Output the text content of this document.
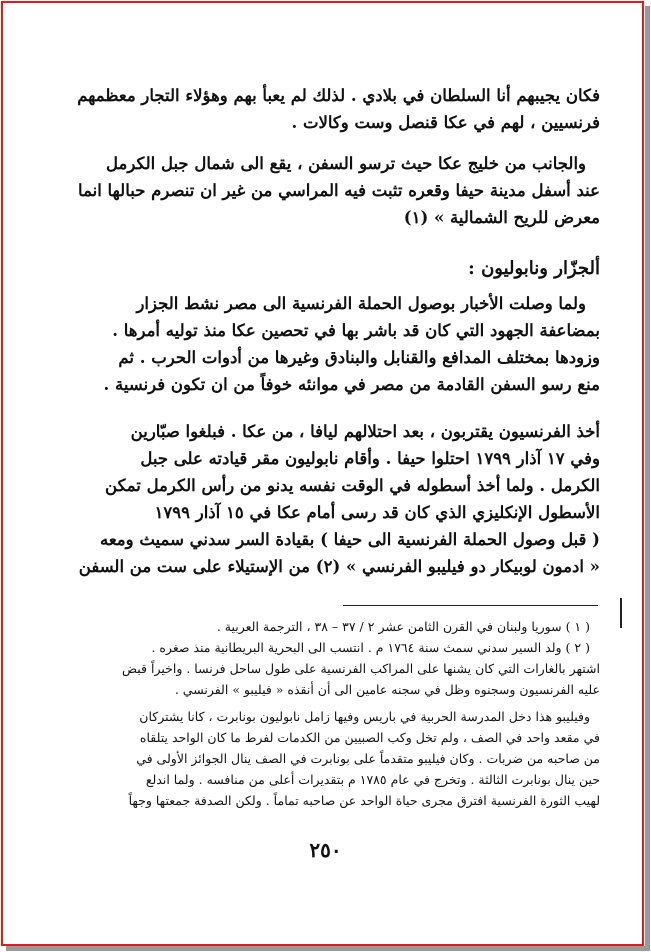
فكان يجيبهم أنا السلطان في بلادي . لذلك لم يعبأ بهم وهؤلاء التجار معظمهم
فرنسيين ، لهم في عكا قنصل وست وكالات .
والجانب من خليج عكا حيث ترسو السفن ، يقع الى شمال جبل الكرمل
عند أسفل مدينة حيفا وقعره تثبت فيه المراسي من غير ان تنصرم حبالها انما
معرض للريح الشمالية » (١)
ألجزّار ونابوليون :
ولما وصلت الأخبار بوصول الحملة الفرنسية الى مصر نشط الجزار
بمضاعفة الجهود التي كان قد باشر بها في تحصين عكا منذ توليه أمرها .
وزودها بمختلف المدافع والقنابل والبنادق وغيرها من أدوات الحرب . ثم
منع رسو السفن القادمة من مصر في موانئه خوفاً من ان تكون فرنسية .
أخذ الفرنسيون يقتربون ، بعد احتلالهم ليافا ، من عكا . فبلغوا صبّارين
وفي ١٧ آذار ١٧٩٩ احتلوا حيفا . وأقام نابوليون مقر قيادته على جبل
الكرمل . ولما أخذ أسطوله في الوقت نفسه يدنو من رأس الكرمل تمكن
الأسطول الإنكليزي الذي كان قد رسى أمام عكا في ١٥ آذار ١٧٩٩
( قبل وصول الحملة الفرنسية الى حيفا ) بقيادة السر سدني سميث ومعه
« ادمون لوبيكار دو فيليبو الفرنسي » (٢) من الإستيلاء على ست من السفن
( ١ ) سوريا ولبنان في القرن الثامن عشر ٢ / ٣٧ – ٣٨ ، الترجمة العربية .
( ٢ ) ولد السير سدني سمث سنة ١٧٦٤ م . انتسب الى البحرية البريطانية منذ صغره .
اشتهر بالغارات التي كان يشنها على المراكب الفرنسية على طول ساحل فرنسا . واخيراً قبض
عليه الفرنسيون وسجنوه وظل في سجنه عامين الى أن أنقذه « فيليبو » الفرنسي .
وفيليبو هذا دخل المدرسة الحربية في باريس وفيها زامل نابوليون بونابرت ، كانا يشتركان
في مقعد واحد في الصف ، ولم تخل وكب الصبيين من الكدمات لفرط ما كان الواحد يتلقاه
من صاحبه من ضربات . وكان فيليبو متقدماً على بونابرت في الصف ينال الجوائز الأولى في
حين ينال بونابرت الثالثة . وتخرج في عام ١٧٨٥ م بتقديرات أعلى من منافسه . ولما اندلع
لهيب الثورة الفرنسية افترق مجرى حياة الواحد عن صاحبه تماماً . ولكن الصدفة جمعتها وجهاً
٢٥٠
